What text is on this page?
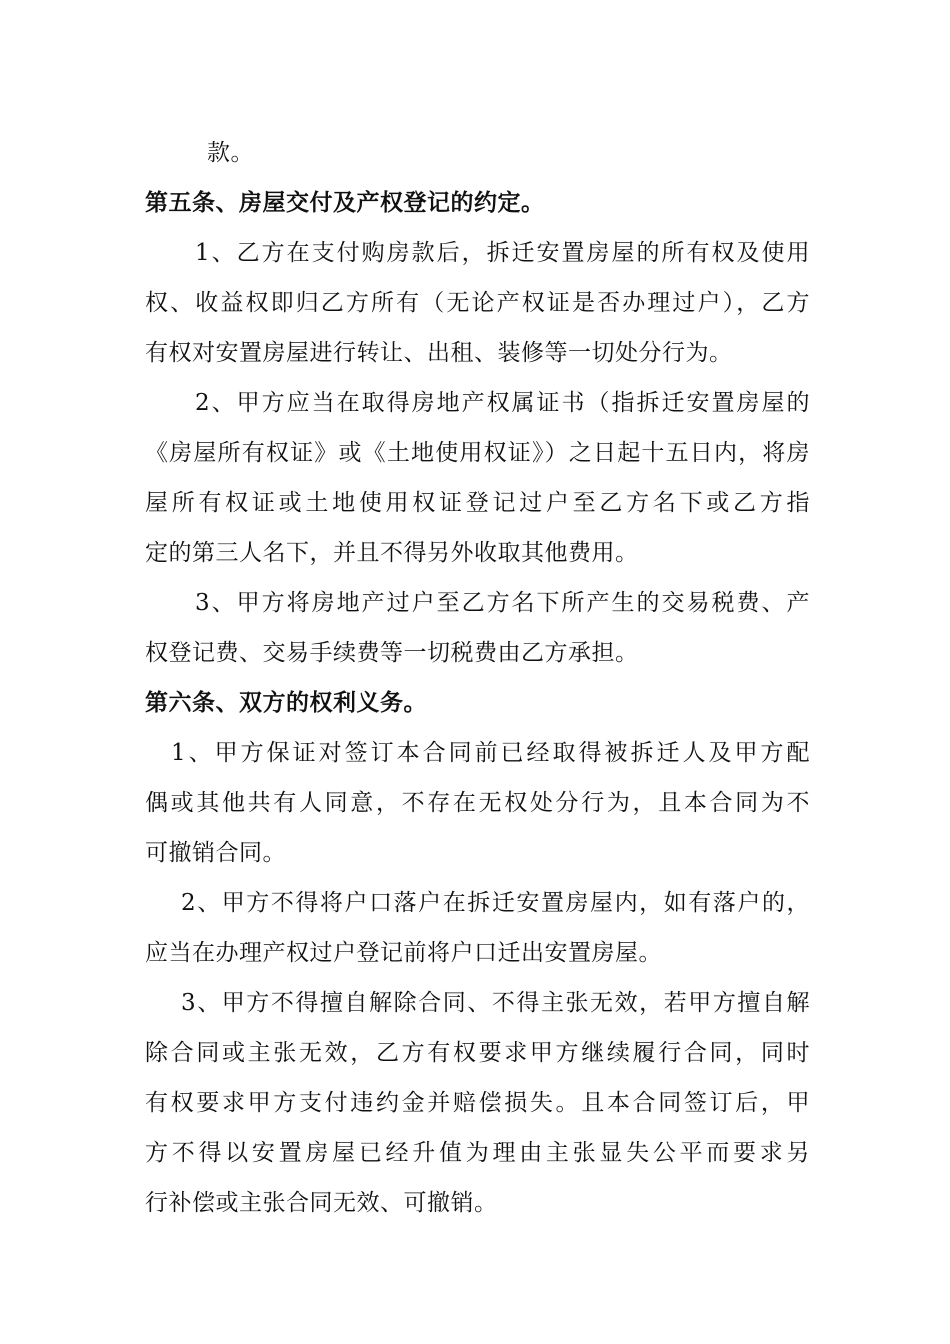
款。
第五条、房屋交付及产权登记的约定。
1、乙方在支付购房款后，拆迁安置房屋的所有权及使用
权、收益权即归乙方所有（无论产权证是否办理过户），乙方
有权对安置房屋进行转让、出租、装修等一切处分行为。
2、甲方应当在取得房地产权属证书（指拆迁安置房屋的
《房屋所有权证》或《土地使用权证》）之日起十五日内，将房
屋所有权证或土地使用权证登记过户至乙方名下或乙方指
定的第三人名下，并且不得另外收取其他费用。
3、甲方将房地产过户至乙方名下所产生的交易税费、产
权登记费、交易手续费等一切税费由乙方承担。
第六条、双方的权利义务。
1、甲方保证对签订本合同前已经取得被拆迁人及甲方配
偶或其他共有人同意，不存在无权处分行为，且本合同为不
可撤销合同。
2、甲方不得将户口落户在拆迁安置房屋内，如有落户的，
应当在办理产权过户登记前将户口迁出安置房屋。
3、甲方不得擅自解除合同、不得主张无效，若甲方擅自解
除合同或主张无效，乙方有权要求甲方继续履行合同，同时
有权要求甲方支付违约金并赔偿损失。且本合同签订后，甲
方不得以安置房屋已经升值为理由主张显失公平而要求另
行补偿或主张合同无效、可撤销。
